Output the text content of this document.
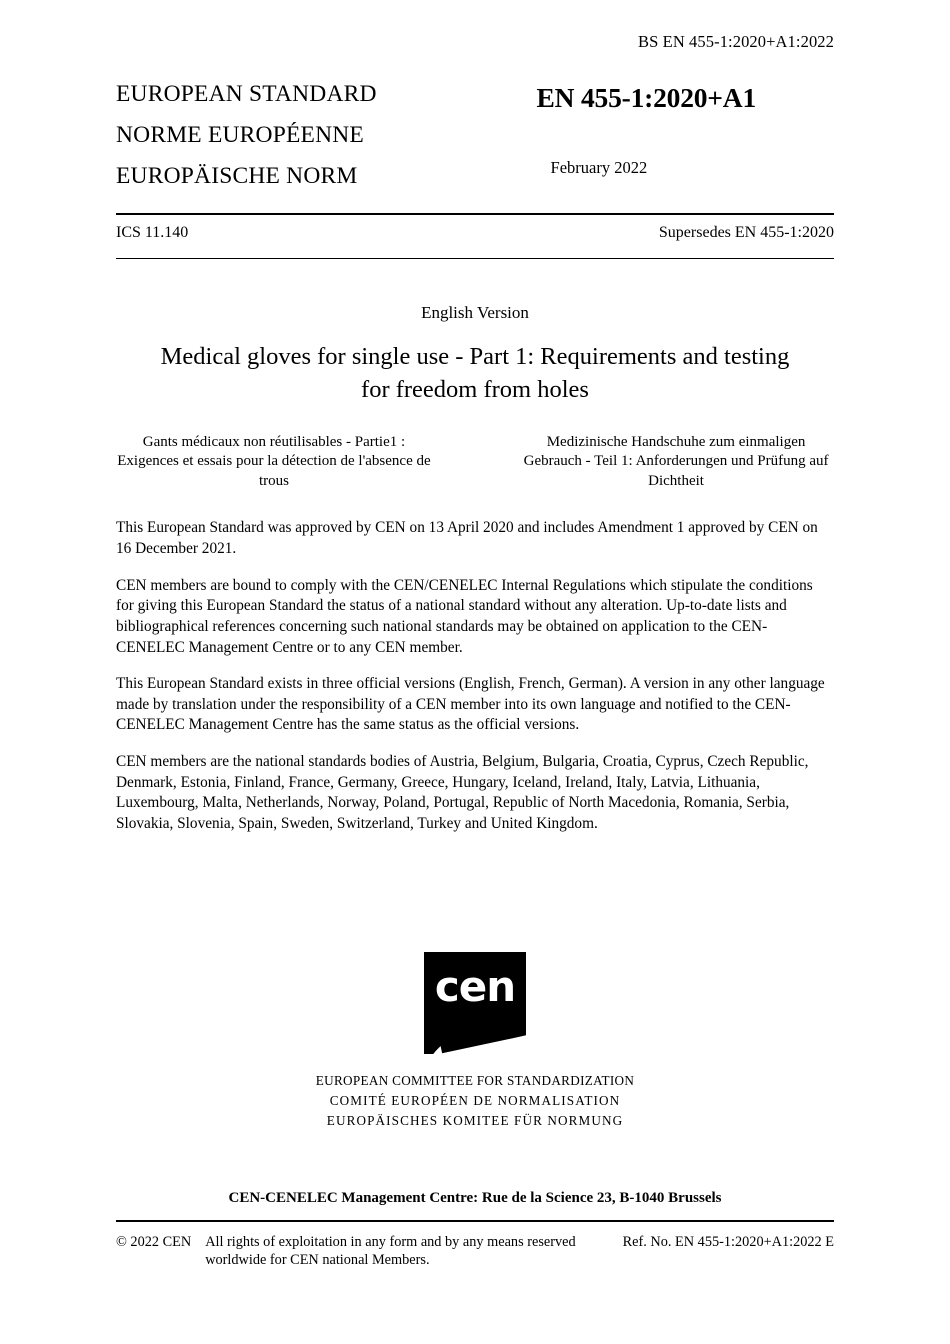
BS EN 455-1:2020+A1:2022
EUROPEAN STANDARD
NORME EUROPÉENNE
EUROPÄISCHE NORM
EN 455-1:2020+A1
February 2022
ICS 11.140	Supersedes EN 455-1:2020
English Version
Medical gloves for single use - Part 1: Requirements and testing for freedom from holes
Gants médicaux non réutilisables - Partie1 : Exigences et essais pour la détection de l'absence de trous
Medizinische Handschuhe zum einmaligen Gebrauch - Teil 1: Anforderungen und Prüfung auf Dichtheit

This European Standard was approved by CEN on 13 April 2020 and includes Amendment 1 approved by CEN on 16 December 2021.

CEN members are bound to comply with the CEN/CENELEC Internal Regulations which stipulate the conditions for giving this European Standard the status of a national standard without any alteration. Up-to-date lists and bibliographical references concerning such national standards may be obtained on application to the CEN-CENELEC Management Centre or to any CEN member.

This European Standard exists in three official versions (English, French, German). A version in any other language made by translation under the responsibility of a CEN member into its own language and notified to the CEN-CENELEC Management Centre has the same status as the official versions.

CEN members are the national standards bodies of Austria, Belgium, Bulgaria, Croatia, Cyprus, Czech Republic, Denmark, Estonia, Finland, France, Germany, Greece, Hungary, Iceland, Ireland, Italy, Latvia, Lithuania, Luxembourg, Malta, Netherlands, Norway, Poland, Portugal, Republic of North Macedonia, Romania, Serbia, Slovakia, Slovenia, Spain, Sweden, Switzerland, Turkey and United Kingdom.

cen
EUROPEAN COMMITTEE FOR STANDARDIZATION
COMITÉ EUROPÉEN DE NORMALISATION
EUROPÄISCHES KOMITEE FÜR NORMUNG
CEN-CENELEC Management Centre: Rue de la Science 23, B-1040 Brussels
© 2022 CEN All rights of exploitation in any form and by any means reserved worldwide for CEN national Members.
Ref. No. EN 455-1:2020+A1:2022 E
